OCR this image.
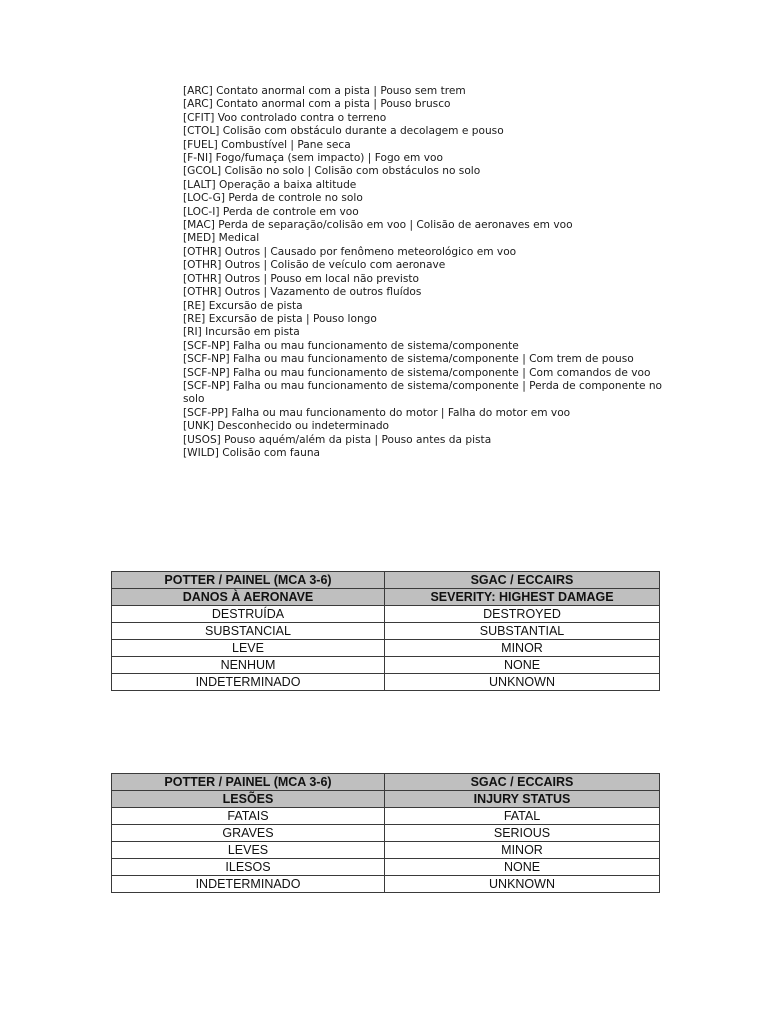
[ARC] Contato anormal com a pista | Pouso sem trem
[ARC] Contato anormal com a pista | Pouso brusco
[CFIT] Voo controlado contra o terreno
[CTOL] Colisão com obstáculo durante a decolagem e pouso
[FUEL] Combustível | Pane seca
[F-NI] Fogo/fumaça (sem impacto) | Fogo em voo
[GCOL] Colisão no solo | Colisão com obstáculos no solo
[LALT] Operação a baixa altitude
[LOC-G] Perda de controle no solo
[LOC-I] Perda de controle em voo
[MAC] Perda de separação/colisão em voo | Colisão de aeronaves em voo
[MED] Medical
[OTHR] Outros | Causado por fenômeno meteorológico em voo
[OTHR] Outros | Colisão de veículo com aeronave
[OTHR] Outros | Pouso em local não previsto
[OTHR] Outros | Vazamento de outros fluídos
[RE] Excursão de pista
[RE] Excursão de pista | Pouso longo
[RI] Incursão em pista
[SCF-NP] Falha ou mau funcionamento de sistema/componente
[SCF-NP] Falha ou mau funcionamento de sistema/componente | Com trem de pouso
[SCF-NP] Falha ou mau funcionamento de sistema/componente | Com comandos de voo
[SCF-NP] Falha ou mau funcionamento de sistema/componente | Perda de componente no solo
[SCF-PP] Falha ou mau funcionamento do motor | Falha do motor em voo
[UNK] Desconhecido ou indeterminado
[USOS] Pouso aquém/além da pista | Pouso antes da pista
[WILD] Colisão com fauna
POTTER / PAINEL (MCA 3-6)	SGAC / ECCAIRS
DANOS À AERONAVE	SEVERITY: HIGHEST DAMAGE
DESTRUÍDA	DESTROYED
SUBSTANCIAL	SUBSTANTIAL
LEVE	MINOR
NENHUM	NONE
INDETERMINADO	UNKNOWN
POTTER / PAINEL (MCA 3-6)	SGAC / ECCAIRS
LESÕES	INJURY STATUS
FATAIS	FATAL
GRAVES	SERIOUS
LEVES	MINOR
ILESOS	NONE
INDETERMINADO	UNKNOWN
